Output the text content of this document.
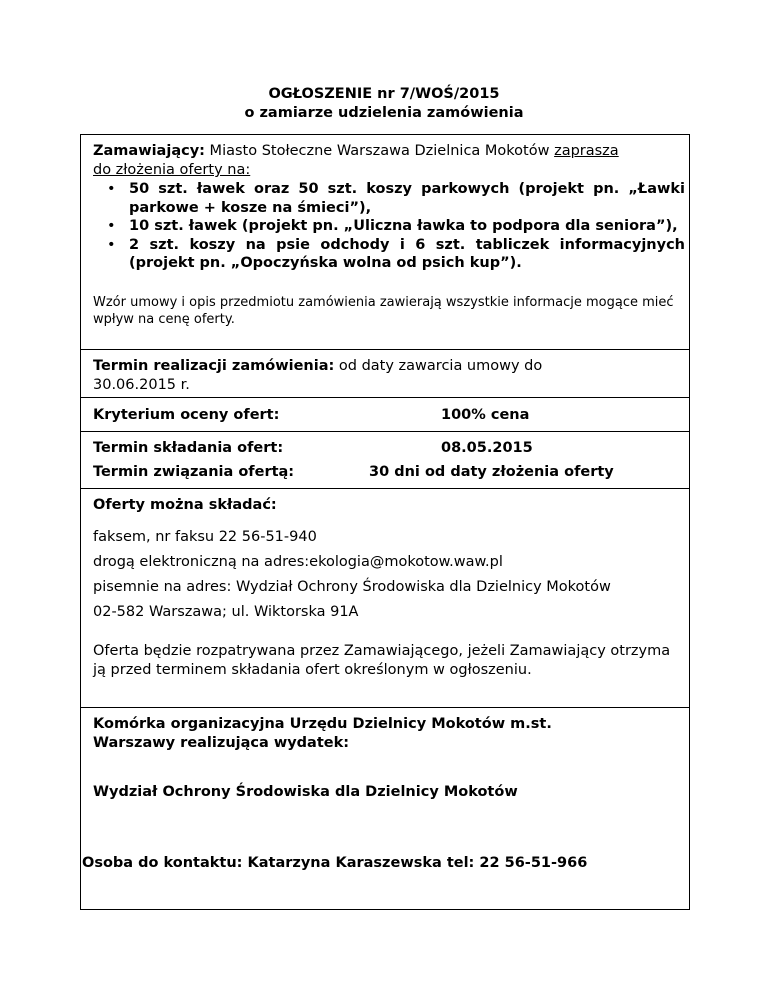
OGŁOSZENIE nr 7/WOŚ/2015
o zamiarze udzielenia zamówienia
Zamawiający: Miasto Stołeczne Warszawa Dzielnica Mokotów zaprasza
do złożenia oferty na:
• 50 szt. ławek oraz 50 szt. koszy parkowych (projekt pn. „Ławki parkowe + kosze na śmieci”),
• 10 szt. ławek (projekt pn. „Uliczna ławka to podpora dla seniora”),
• 2 szt. koszy na psie odchody i 6 szt. tabliczek informacyjnych (projekt pn. „Opoczyńska wolna od psich kup”).
Wzór umowy i opis przedmiotu zamówienia zawierają wszystkie informacje mogące mieć wpływ na cenę oferty.
Termin realizacji zamówienia: od daty zawarcia umowy do 30.06.2015 r.
Kryterium oceny ofert:	100% cena
Termin składania ofert:	08.05.2015
Termin związania ofertą:	30 dni od daty złożenia oferty
Oferty można składać:
faksem, nr faksu 22 56-51-940
drogą elektroniczną na adres:ekologia@mokotow.waw.pl
pisemnie na adres: Wydział Ochrony Środowiska dla Dzielnicy Mokotów
02-582 Warszawa; ul. Wiktorska 91A
Oferta będzie rozpatrywana przez Zamawiającego, jeżeli Zamawiający otrzyma ją przed terminem składania ofert określonym w ogłoszeniu.
Komórka organizacyjna Urzędu Dzielnicy Mokotów m.st. Warszawy realizująca wydatek:
Wydział Ochrony Środowiska dla Dzielnicy Mokotów
Osoba do kontaktu: Katarzyna Karaszewska tel: 22 56-51-966
